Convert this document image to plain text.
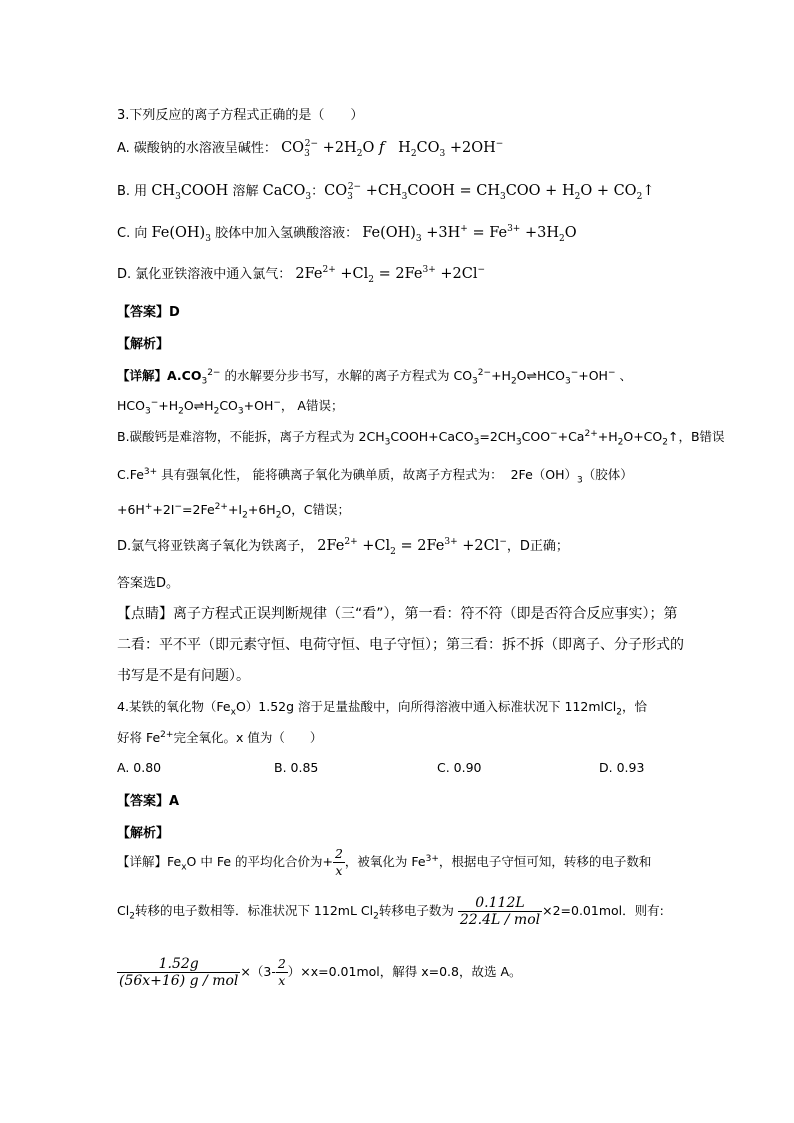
3.下列反应的离子方程式正确的是（　　）
A. 碳酸钠的水溶液呈碱性： $CO_3^{2-} +2H_2O$ f   $H_2CO_3 +2OH^-$
B. 用 $CH_3COOH$ 溶解 CaCO$_3$：$CO_3^{2-}$ $+CH_3COOH = CH_3COO + H_2O$ + $CO_2↑$
C. 向 $Fe(OH)_3$ 胶体中加入氢碘酸溶液： $Fe(OH)_3 +3H^+ = Fe^{3+} +3H_2O$
D. 氯化亚铁溶液中通入氯气： $2Fe^{2+} +Cl_2 = 2Fe^{3+} +2Cl^-$
【答案】D
【解析】
【详解】$A.CO_3^{2-}$ 的水解要分步书写，水解的离子方程式为 $CO_3^{2-}+H_2O\rightleftharpoons HCO_3^-+OH^-$ 、
$HCO_3^-+H_2O\rightleftharpoons H_2CO_3+OH^-$， A错误；
B.碳酸钙是难溶物，不能拆，离子方程式为 $2CH_3COOH+CaCO_3=2CH_3COO^-+Ca^{2+}+H_2O+CO_2↑$，B错误
$C.Fe^{3+}$ 具有强氧化性， 能将碘离子氧化为碘单质，故离子方程式为： $2Fe(OH)_3$（胶体）
$+6H^++2I^-=2Fe^{2+}+I_2+6H_2O$，C错误；
D.氯气将亚铁离子氧化为铁离子， $2Fe^{2+} +Cl_2 = 2Fe^{3+} +2Cl^-$，D正确；
答案选D。
【点睛】离子方程式正误判断规律（三“看”），第一看：符不符（即是否符合反应事实）；第
二看：平不平（即元素守恒、电荷守恒、电子守恒）；第三看：拆不拆（即离子、分子形式的
书写是不是有问题）。
4.某铁的氧化物$(Fe_xO)1.52g$ 溶于足量盐酸中，向所得溶液中通入标准状况下 112mlCl$_2$，恰
好将 $Fe^{2+}$完全氧化。x 值为（　　）
A. 0.80	B. 0.85	C. 0.90	D. 0.93
【答案】A
【解析】
【详解】$Fe_xO$ 中 Fe 的平均化合价为+ $\frac{2}{x}$ ，被氧化为 $Fe^{3+}$，根据电子守恒可知，转移的电子数和
$Cl_2$转移的电子数相等．标准状况下 112mL $Cl_2$转移电子数为 $\frac{0.112L}{\text{22.4L / mol}} \times 2=0.01mol$．则有:
$\frac{1.52g}{\text{(56x+16) g / mol}} \times(3- \frac{2}{x} )\times x=0.01mol$，解得 x=0.8，故选 A。
